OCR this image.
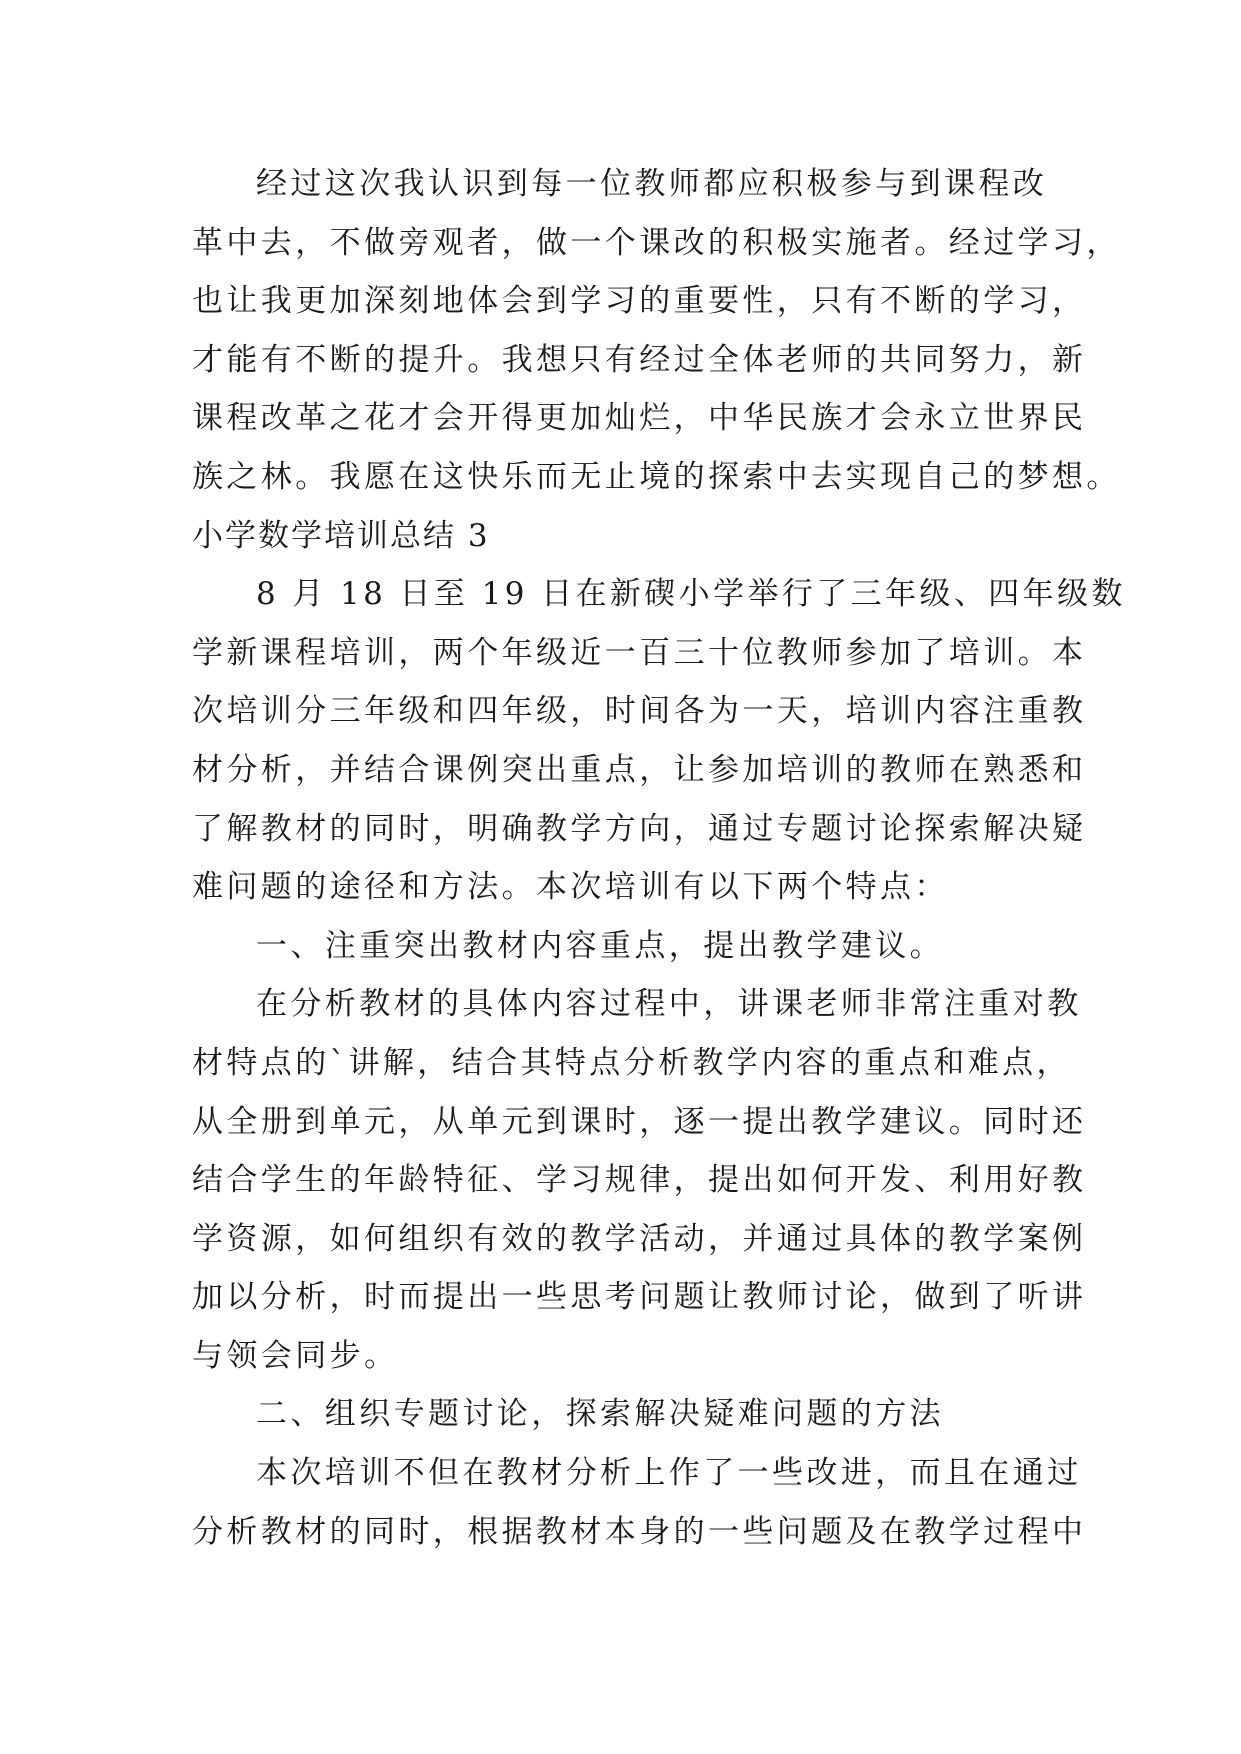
经过这次我认识到每一位教师都应积极参与到课程改
革中去，不做旁观者，做一个课改的积极实施者。经过学习，
也让我更加深刻地体会到学习的重要性，只有不断的学习，
才能有不断的提升。我想只有经过全体老师的共同努力，新
课程改革之花才会开得更加灿烂，中华民族才会永立世界民
族之林。我愿在这快乐而无止境的探索中去实现自己的梦想。
小学数学培训总结 3
8 月 18 日至 19 日在新碶小学举行了三年级、四年级数
学新课程培训，两个年级近一百三十位教师参加了培训。本
次培训分三年级和四年级，时间各为一天，培训内容注重教
材分析，并结合课例突出重点，让参加培训的教师在熟悉和
了解教材的同时，明确教学方向，通过专题讨论探索解决疑
难问题的途径和方法。本次培训有以下两个特点：
一、注重突出教材内容重点，提出教学建议。
在分析教材的具体内容过程中，讲课老师非常注重对教
材特点的`讲解，结合其特点分析教学内容的重点和难点，
从全册到单元，从单元到课时，逐一提出教学建议。同时还
结合学生的年龄特征、学习规律，提出如何开发、利用好教
学资源，如何组织有效的教学活动，并通过具体的教学案例
加以分析，时而提出一些思考问题让教师讨论，做到了听讲
与领会同步。
二、组织专题讨论，探索解决疑难问题的方法
本次培训不但在教材分析上作了一些改进，而且在通过
分析教材的同时，根据教材本身的一些问题及在教学过程中
